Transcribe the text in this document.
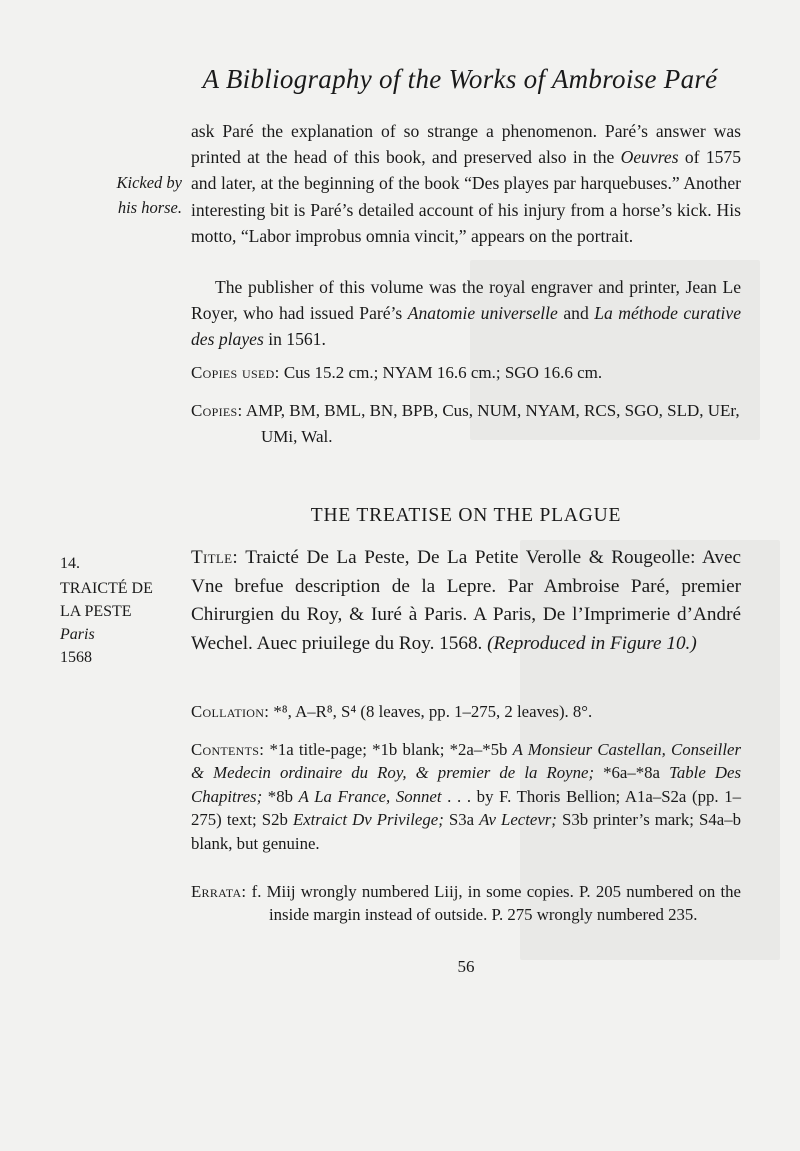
A Bibliography of the Works of Ambroise Paré
Kicked by
his horse.
ask Paré the explanation of so strange a phenomenon. Paré’s answer was printed at the head of this book, and preserved also in the Oeuvres of 1575 and later, at the beginning of the book “Des playes par harquebuses.” Another interesting bit is Paré’s detailed account of his injury from a horse’s kick. His motto, “Labor improbus omnia vincit,” appears on the portrait.
The publisher of this volume was the royal engraver and printer, Jean Le Royer, who had issued Paré’s Anatomie universelle and La méthode curative des playes in 1561.
Copies used: Cus 15.2 cm.; NYAM 16.6 cm.; SGO 16.6 cm.
Copies: AMP, BM, BML, BN, BPB, Cus, NUM, NYAM, RCS, SGO, SLD, UEr, UMi, Wal.
THE TREATISE ON THE PLAGUE
14.
TRAICTÉ DE
LA PESTE
Paris
1568
Title: Traicté De La Peste, De La Petite Verolle & Rougeolle: Avec Vne brefue description de la Lepre. Par Ambroise Paré, premier Chirurgien du Roy, & Iuré à Paris. A Paris, De l’Imprimerie d’André Wechel. Auec priuilege du Roy. 1568. (Reproduced in Figure 10.)
Collation: *⁸, A–R⁸, S⁴ (8 leaves, pp. 1–275, 2 leaves). 8°.
Contents: *1a title-page; *1b blank; *2a–*5b A Monsieur Castellan, Conseiller & Medecin ordinaire du Roy, & premier de la Royne; *6a–*8a Table Des Chapitres; *8b A La France, Sonnet . . . by F. Thoris Bellion; A1a–S2a (pp. 1–275) text; S2b Extraict Dv Privilege; S3a Av Lectevr; S3b printer’s mark; S4a–b blank, but genuine.
Errata: f. Miij wrongly numbered Liij, in some copies. P. 205 numbered on the inside margin instead of outside. P. 275 wrongly numbered 235.
56
